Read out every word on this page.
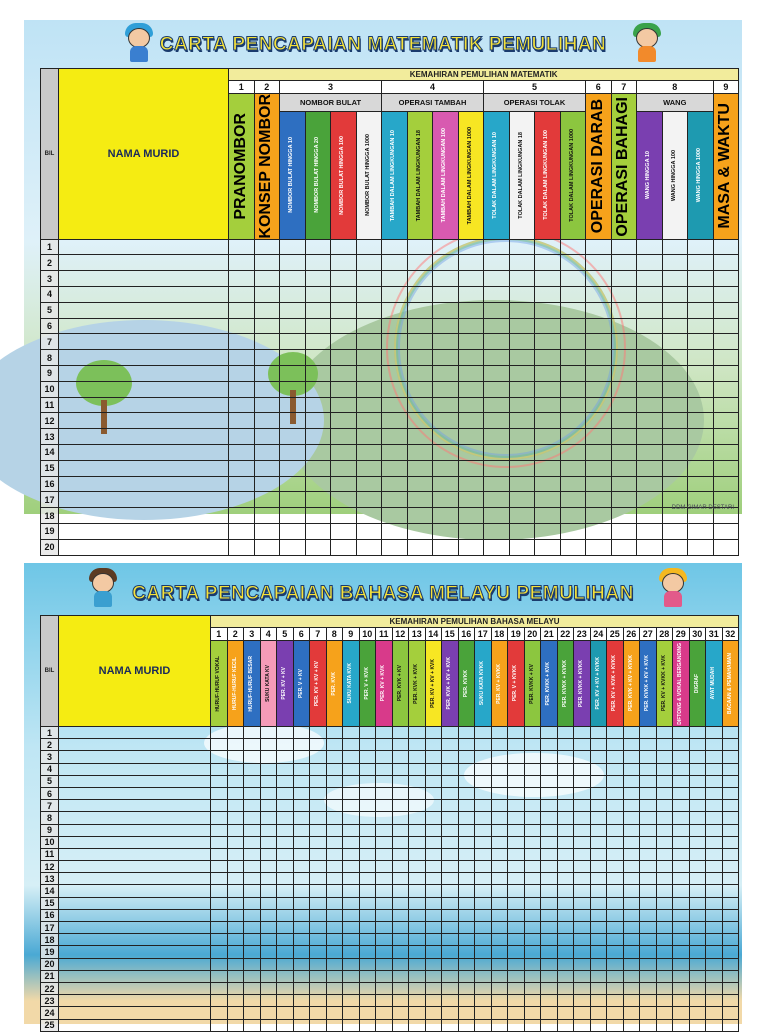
CARTA PENCAPAIAN MATEMATIK PEMULIHAN
BIL	NAMA MURID	KEMAHIRAN PEMULIHAN MATEMATIK																			
		1	2	3				4				5				6	7	8			9

		PRANOMBOR	KONSEP NOMBOR	NOMBOR BULAT				OPERASI TAMBAH				OPERASI TOLAK				OPERASI DARAB	OPERASI BAHAGI	WANG			MASA & WAKTU

				NOMBOR BULAT HINGGA 10	NOMBOR BULAT HINGGA 20	NOMBOR BULAT HINGGA 100	NOMBOR BULAT HINGGA 1000	TAMBAH DALAM LINGKUNGAN 10	TAMBAH DALAM LINGKUNGAN 18	TAMBAH DALAM LINGKUNGAN 100	TAMBAH DALAM LINGKUNGAN 1000	TOLAK DALAM LINGKUNGAN 10	TOLAK DALAM LINGKUNGAN 18	TOLAK DALAM LINGKUNGAN 100	TOLAK DALAM LINGKUNGAN 1000			WANG HINGGA 10	WANG HINGGA 100	WANG HINGGA 1000	

1																					
2																					
3																					
4																					
5																					
6																					
7																					
8																					
9																					
10																					
11																					
12																					
13																					
14																					
15																					
16																					
17																					
18																					
19																					
20																					
DDM GIMAR DESTARI
CARTA PENCAPAIAN BAHASA MELAYU PEMULIHAN
BIL	NAMA MURID	KEMAHIRAN PEMULIHAN BAHASA MELAYU																															
		1	2	3	4	5	6	7	8	9	10	11	12	13	14	15	16	17	18	19	20	21	22	23	24	25	26	27	28	29	30	31	32

		HURUF-HURUF VOKAL	HURUF-HURUF KECIL	HURUF-HURUF BESAR	SUKU KATA KV	PER. KV + KV	PER. V + KV	PER. KV + KV + KV	PER. KVK	SUKU KATA KVK	PER. V + KVK	PER. KV + KVK	PER. KVK + KV	PER. KVK + KVK	PER. KV + KV + KVK	PER. KVK + KV + KVK	PER. KVKK	SUKU KATA KVKK	PER. KV + KVKK	PER. V + KVKK	PER. KVKK + KV	PER. KVKK + KVK	PER. KVKK + KVKK	PER. KVKK + KVKK	PER. KV + KV + KVKK	PER. KV + KVK + KVKK	PER. KVK + KV + KVKK	PER. KVKK + KV + KVK	PER. KV + KVKK + KVK	DIFTONG & VOKAL BERGANDING	DIGRAF	AYAT MUDAH	BACAAN & PEMAHAMAN

1																																	
2																																	
3																																	
4																																	
5																																	
6																																	
7																																	
8																																	
9																																	
10																																	
11																																	
12																																	
13																																	
14																																	
15																																	
16																																	
17																																	
18																																	
19																																	
20																																	
21																																	
22																																	
23																																	
24																																	
25																																	
